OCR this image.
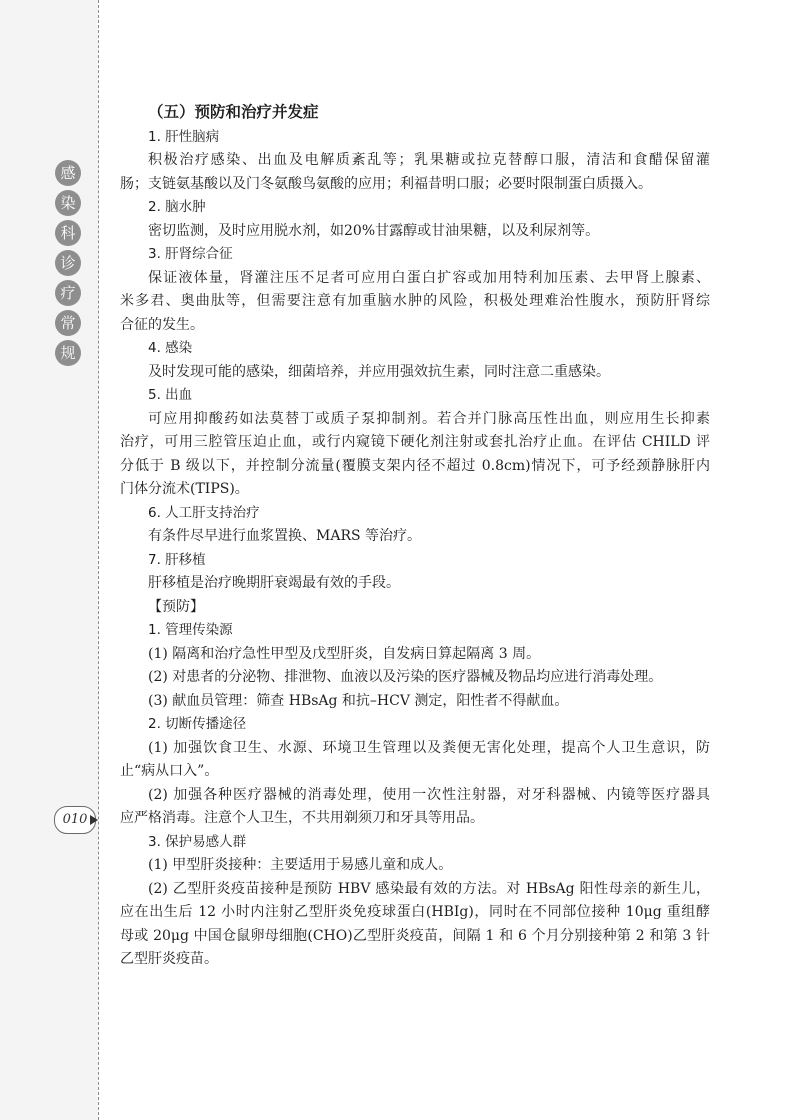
感
染
科
诊
疗
常
规
010
（五）预防和治疗并发症
1. 肝性脑病
积极治疗感染、出血及电解质紊乱等；乳果糖或拉克替醇口服，清洁和食醋保留灌
肠；支链氨基酸以及门冬氨酸鸟氨酸的应用；利福昔明口服；必要时限制蛋白质摄入。
2. 脑水肿
密切监测，及时应用脱水剂，如20%甘露醇或甘油果糖，以及利尿剂等。
3. 肝肾综合征
保证液体量，肾灌注压不足者可应用白蛋白扩容或加用特利加压素、去甲肾上腺素、
米多君、奥曲肽等，但需要注意有加重脑水肿的风险，积极处理难治性腹水，预防肝肾综
合征的发生。
4. 感染
及时发现可能的感染，细菌培养，并应用强效抗生素，同时注意二重感染。
5. 出血
可应用抑酸药如法莫替丁或质子泵抑制剂。若合并门脉高压性出血，则应用生长抑素
治疗，可用三腔管压迫止血，或行内窥镜下硬化剂注射或套扎治疗止血。在评估 CHILD 评
分低于 B 级以下，并控制分流量(覆膜支架内径不超过 0.8cm)情况下，可予经颈静脉肝内
门体分流术(TIPS)。
6. 人工肝支持治疗
有条件尽早进行血浆置换、MARS 等治疗。
7. 肝移植
肝移植是治疗晚期肝衰竭最有效的手段。
【预防】
1. 管理传染源
(1) 隔离和治疗急性甲型及戊型肝炎，自发病日算起隔离 3 周。
(2) 对患者的分泌物、排泄物、血液以及污染的医疗器械及物品均应进行消毒处理。
(3) 献血员管理：筛查 HBsAg 和抗–HCV 测定，阳性者不得献血。
2. 切断传播途径
(1) 加强饮食卫生、水源、环境卫生管理以及粪便无害化处理，提高个人卫生意识，防
止“病从口入”。
(2) 加强各种医疗器械的消毒处理，使用一次性注射器，对牙科器械、内镜等医疗器具
应严格消毒。注意个人卫生，不共用剃须刀和牙具等用品。
3. 保护易感人群
(1) 甲型肝炎接种：主要适用于易感儿童和成人。
(2) 乙型肝炎疫苗接种是预防 HBV 感染最有效的方法。对 HBsAg 阳性母亲的新生儿，
应在出生后 12 小时内注射乙型肝炎免疫球蛋白(HBIg)，同时在不同部位接种 10μg 重组酵
母或 20μg 中国仓鼠卵母细胞(CHO)乙型肝炎疫苗，间隔 1 和 6 个月分别接种第 2 和第 3 针
乙型肝炎疫苗。
